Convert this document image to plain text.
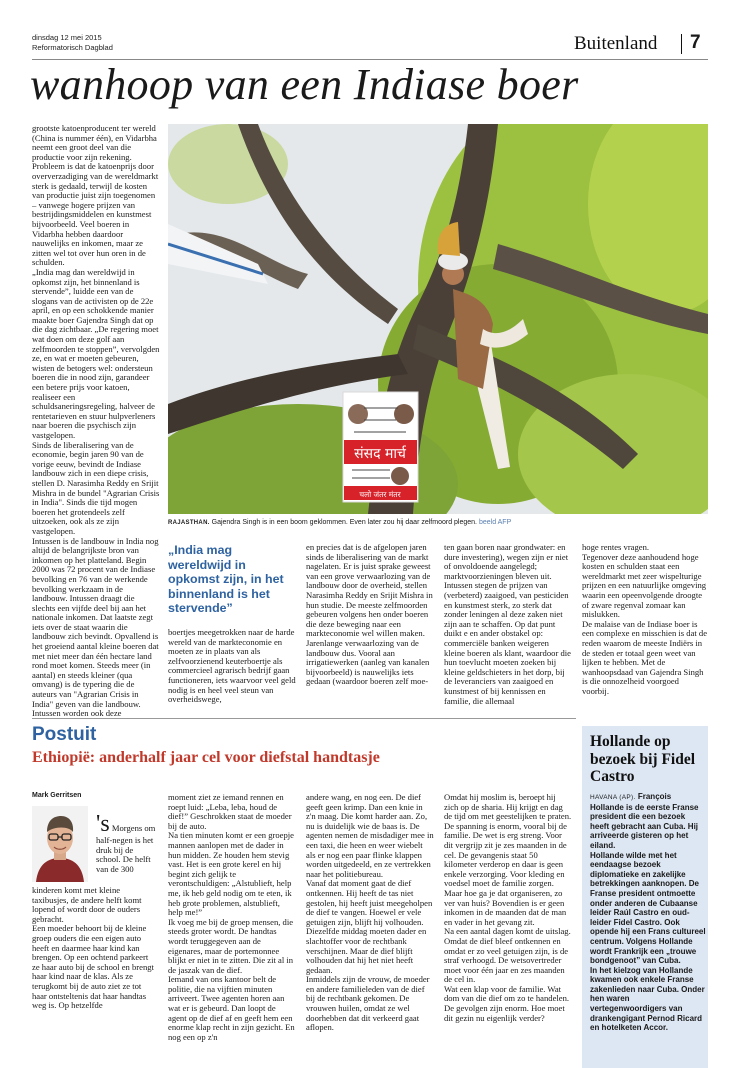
dinsdag 12 mei 2015
Reformatorisch Dagblad	Buitenland 7
wanhoop van een Indiase boer

grootste katoenproducent ter wereld (China is nummer één), en Vidarbha neemt een groot deel van die productie voor zijn rekening. Probleem is dat de katoenprijs door oververzadiging van de wereldmarkt sterk is gedaald, terwijl de kosten van productie juist zijn toegenomen – vanwege hogere prijzen van bestrijdingsmiddelen en kunstmest bijvoorbeeld. Veel boeren in Vidarbha hebben daardoor nauwelijks en inkomen, maar ze zitten wel tot over hun oren in de schulden.

„India mag dan wereldwijd in opkomst zijn, het binnenland is stervende”, luidde een van de slogans van de activisten op de 22e april, en op een schokkende manier maakte boer Gajendra Singh dat op die dag zichtbaar. „De regering moet wat doen om deze golf aan zelfmoorden te stoppen”, vervolgden ze, en wat er moeten gebeuren, wisten de betogers wel: ondersteun boeren die in nood zijn, garandeer een betere prijs voor katoen, realiseer een schuldsaneringsregeling, halveer de rentetarieven en stuur hulpverleners naar boeren die psychisch zijn vastgelopen.

Sinds de liberalisering van de economie, begin jaren 90 van de vorige eeuw, bevindt de Indiase landbouw zich in een diepe crisis, stellen D. Narasimha Reddy en Srijit Mishra in de bundel "Agrarian Crisis in India". Sinds die tijd mogen boeren het grotendeels zelf uitzoeken, ook als ze zijn vastgelopen.

Intussen is de landbouw in India nog altijd de belangrijkste bron van inkomen op het platteland. Begin 2000 was 72 procent van de Indiase bevolking en 76 van de werkende bevolking werkzaam in de landbouw. Intussen draagt die slechts een vijfde deel bij aan het nationale inkomen. Dat laatste zegt iets over de staat waarin die landbouw zich bevindt. Opvallend is het groeiend aantal kleine boeren dat met niet meer dan één hectare land rond moet komen. Steeds meer (in aantal) en steeds kleiner (qua omvang) is de typering die de auteurs van "Agrarian Crisis in India" geven van die landbouw.

Intussen worden ook deze

संसद मार्च
चलो जंतर मंतर
RAJASTHAN. Gajendra Singh is in een boom geklommen. Even later zou hij daar zelfmoord plegen. beeld AFP
„India mag wereldwijd in opkomst zijn, in het binnenland is het stervende”

boertjes meegetrokken naar de harde wereld van de markteconomie en moeten ze in plaats van als zelfvoorzienend keuterboertje als commercieel agrarisch bedrijf gaan functioneren, iets waarvoor veel geld nodig is en heel veel steun van overheidswege,

en precies dat is de afgelopen jaren sinds de liberalisering van de markt nagelaten. Er is juist sprake geweest van een grove verwaarlozing van de landbouw door de overheid, stellen Narasimha Reddy en Srijit Mishra in hun studie. De meeste zelfmoorden gebeuren volgens hen onder boeren die deze beweging naar een markteconomie wel willen maken.

Jarenlange verwaarlozing van de landbouw dus. Vooral aan irrigatiewerken (aanleg van kanalen bijvoorbeeld) is nauwelijks iets gedaan (waardoor boeren zelf moe-

ten gaan boren naar grondwater: en dure investering), wegen zijn er niet of onvoldoende aangelegd; marktvoorzieningen bleven uit. Intussen stegen de prijzen van (verbeterd) zaaigoed, van pesticiden en kunstmest sterk, zo sterk dat zonder leningen al deze zaken niet zijn aan te schaffen. Op dat punt duikt e en ander obstakel op: commerciële banken weigeren kleine boeren als klant, waardoor die hun toevlucht moeten zoeken bij kleine geldschieters in het dorp, bij de leveranciers van zaaigoed en kunstmest of bij kennissen en familie, die allemaal

hoge rentes vragen.

Tegenover deze aanhoudend hoge kosten en schulden staat een wereldmarkt met zeer wispelturige prijzen en een natuurlijke omgeving waarin een opeenvolgende droogte of zware regenval zomaar kan mislukken.

De malaise van de Indiase boer is een complexe en misschien is dat de reden waarom de meeste Indiërs in de steden er totaal geen weet van lijken te hebben. Met de wanhoopsdaad van Gajendra Singh is die onnozelheid voorgoed voorbij.

Postuit
Ethiopië: anderhalf jaar cel voor diefstal handtasje
Mark Gerritsen
's Morgens om half-negen is het druk bij de school. De helft van de 300

kinderen komt met kleine taxibusjes, de andere helft komt lopend of wordt door de ouders gebracht.

Een moeder behoort bij de kleine groep ouders die een eigen auto heeft en daarmee haar kind kan brengen. Op een ochtend parkeert ze haar auto bij de school en brengt haar kind naar de klas. Als ze terugkomt bij de auto ziet ze tot haar ontsteltenis dat haar handtas weg is. Op hetzelfde

moment ziet ze iemand rennen en roept luid: „Leba, leba, houd de dief!” Geschrokken staat de moeder bij de auto.

Na tien minuten komt er een groepje mannen aanlopen met de dader in hun midden. Ze houden hem stevig vast. Het is een grote kerel en hij begint zich gelijk te verontschuldigen: „Alstublieft, help me, ik heb geld nodig om te eten, ik heb grote problemen, alstublieft, help me!”

Ik voeg me bij de groep mensen, die steeds groter wordt. De handtas wordt teruggegeven aan de eigenares, maar de portemonnee blijkt er niet in te zitten. Die zit al in de jaszak van de dief.

Iemand van ons kantoor belt de politie, die na vijftien minuten arriveert. Twee agenten horen aan wat er is gebeurd. Dan loopt de agent op de dief af en geeft hem een enorme klap recht in zijn gezicht. En nog een op z'n

andere wang, en nog een. De dief geeft geen krimp. Dan een knie in z'n maag. Die komt harder aan. Zo, nu is duidelijk wie de baas is. De agenten nemen de misdadiger mee in een taxi, die heen en weer wiebelt als er nog een paar flinke klappen worden uitgedeeld, en ze vertrekken naar het politiebureau.

Vanaf dat moment gaat de dief ontkennen. Hij heeft de tas niet gestolen, hij heeft juist meegeholpen de dief te vangen. Hoewel er vele getuigen zijn, blijft hij volhouden. Diezelfde middag moeten dader en slachtoffer voor de rechtbank verschijnen. Maar de dief blijft volhouden dat hij het niet heeft gedaan.

Inmiddels zijn de vrouw, de moeder en andere familieleden van de dief bij de rechtbank gekomen. De vrouwen huilen, omdat ze wel doorhebben dat dit verkeerd gaat aflopen.

Omdat hij moslim is, beroept hij zich op de sharia. Hij krijgt en dag de tijd om met geestelijken te praten. De spanning is enorm, vooral bij de familie. De wet is erg streng. Voor dit vergrijp zit je zes maanden in de cel. De gevangenis staat 50 kilometer verderop en daar is geen enkele verzorging. Voor kleding en voedsel moet de familie zorgen. Maar hoe ga je dat organiseren, zo ver van huis? Bovendien is er geen inkomen in de maanden dat de man en vader in het gevang zit.

Na een aantal dagen komt de uitslag. Omdat de dief bleef ontkennen en omdat er zo veel getuigen zijn, is de straf verhoogd. De wetsovertreder moet voor één jaar en zes maanden de cel in.

Wat een klap voor de familie. Wat dom van die dief om zo te handelen. De gevolgen zijn enorm. Hoe moet dit gezin nu eigenlijk verder?

Hollande op bezoek bij Fidel Castro

HAVANA (AP). François Hollande is de eerste Franse president die een bezoek heeft gebracht aan Cuba. Hij arriveerde gisteren op het eiland.

Hollande wilde met het eendaagse bezoek diplomatieke en zakelijke betrekkingen aanknopen. De Franse president ontmoette onder anderen de Cubaanse leider Raúl Castro en oud-leider Fidel Castro. Ook opende hij een Frans cultureel centrum. Volgens Hollande wordt Frankrijk een „trouwe bondgenoot” van Cuba.

In het kielzog van Hollande kwamen ook enkele Franse zakenlieden naar Cuba. Onder hen waren vertegenwoordigers van drankengigant Pernod Ricard en hotelketen Accor.
